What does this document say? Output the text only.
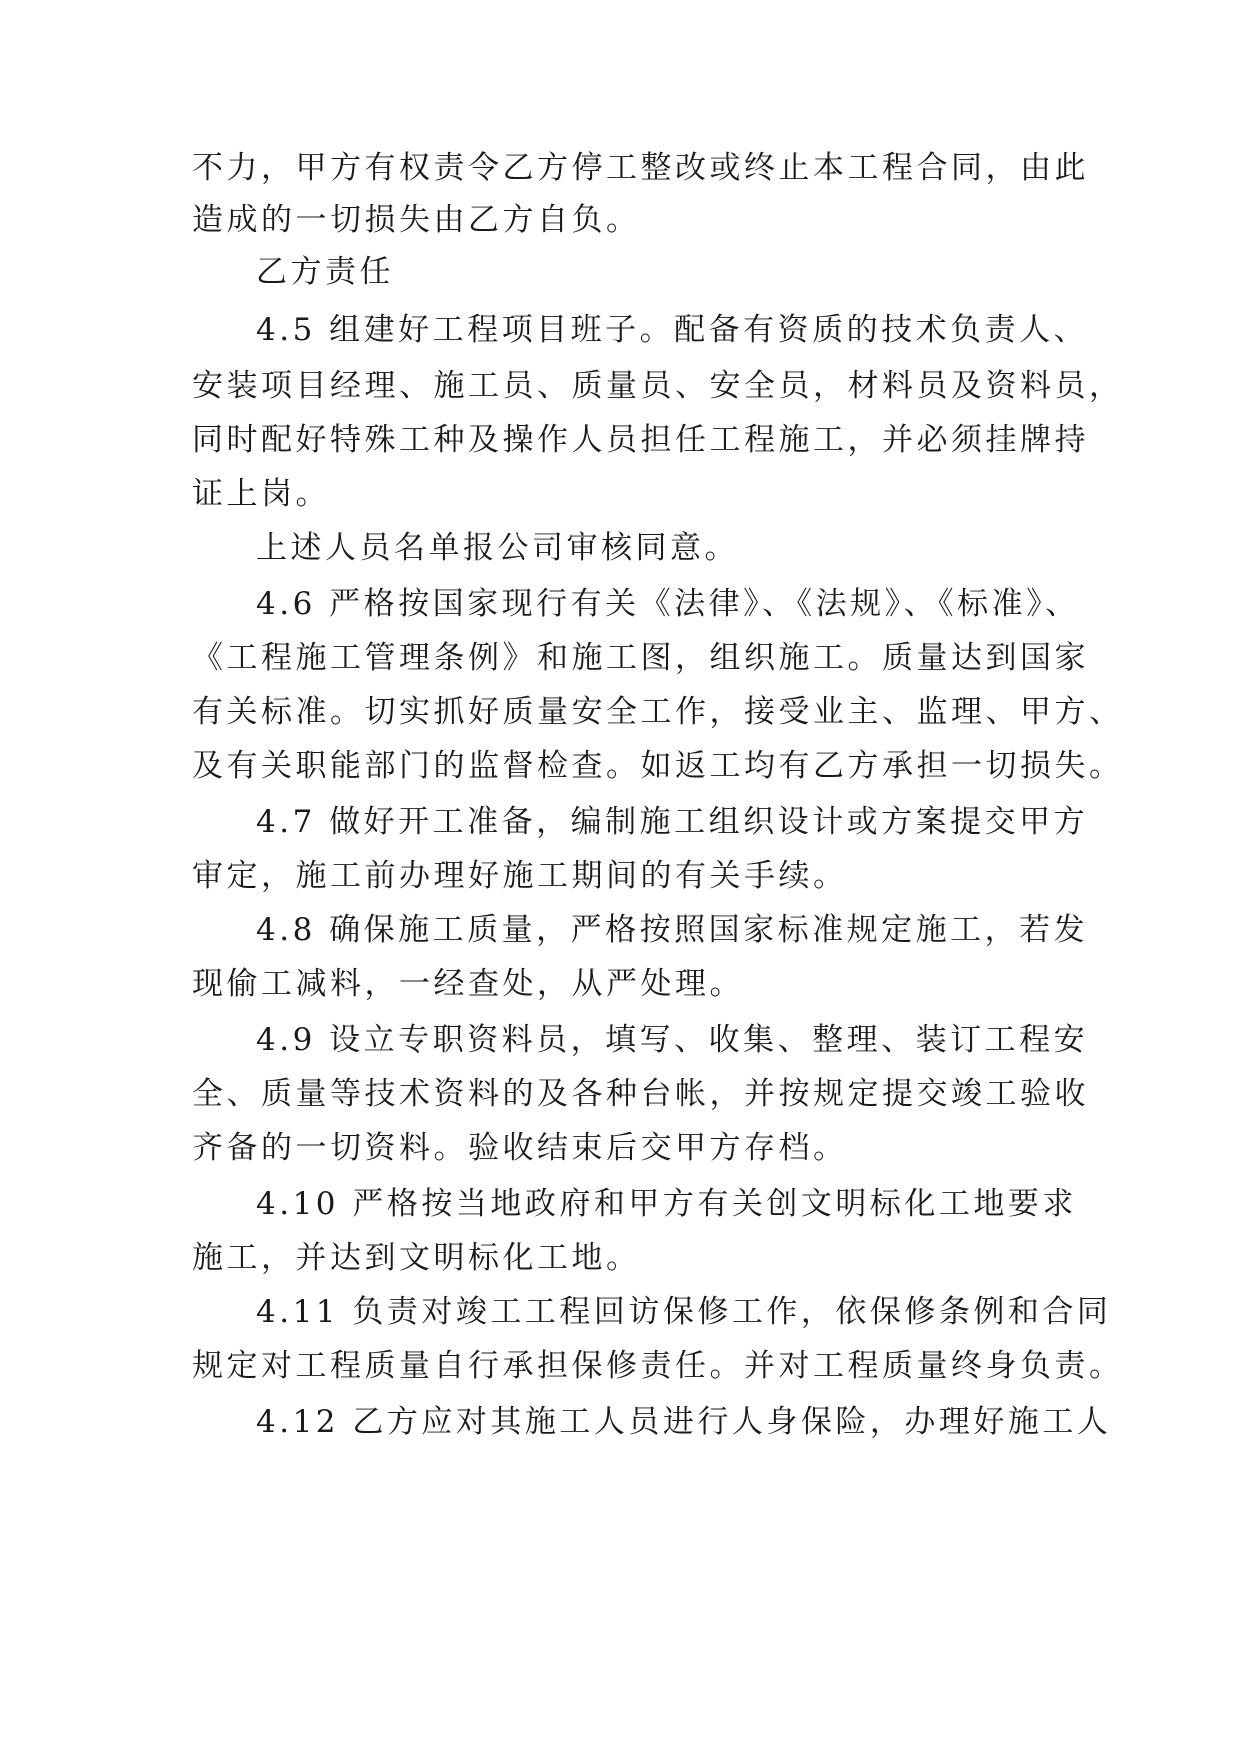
不力，甲方有权责令乙方停工整改或终止本工程合同，由此
造成的一切损失由乙方自负。
乙方责任
4.5 组建好工程项目班子。配备有资质的技术负责人、
安装项目经理、施工员、质量员、安全员，材料员及资料员，
同时配好特殊工种及操作人员担任工程施工，并必须挂牌持
证上岗。
上述人员名单报公司审核同意。
4.6 严格按国家现行有关《法律》、《法规》、《标准》、
《工程施工管理条例》和施工图，组织施工。质量达到国家
有关标准。切实抓好质量安全工作，接受业主、监理、甲方、
及有关职能部门的监督检查。如返工均有乙方承担一切损失。
4.7 做好开工准备，编制施工组织设计或方案提交甲方
审定，施工前办理好施工期间的有关手续。
4.8 确保施工质量，严格按照国家标准规定施工，若发
现偷工减料，一经查处，从严处理。
4.9 设立专职资料员，填写、收集、整理、装订工程安
全、质量等技术资料的及各种台帐，并按规定提交竣工验收
齐备的一切资料。验收结束后交甲方存档。
4.10 严格按当地政府和甲方有关创文明标化工地要求
施工，并达到文明标化工地。
4.11 负责对竣工工程回访保修工作，依保修条例和合同
规定对工程质量自行承担保修责任。并对工程质量终身负责。
4.12 乙方应对其施工人员进行人身保险，办理好施工人
